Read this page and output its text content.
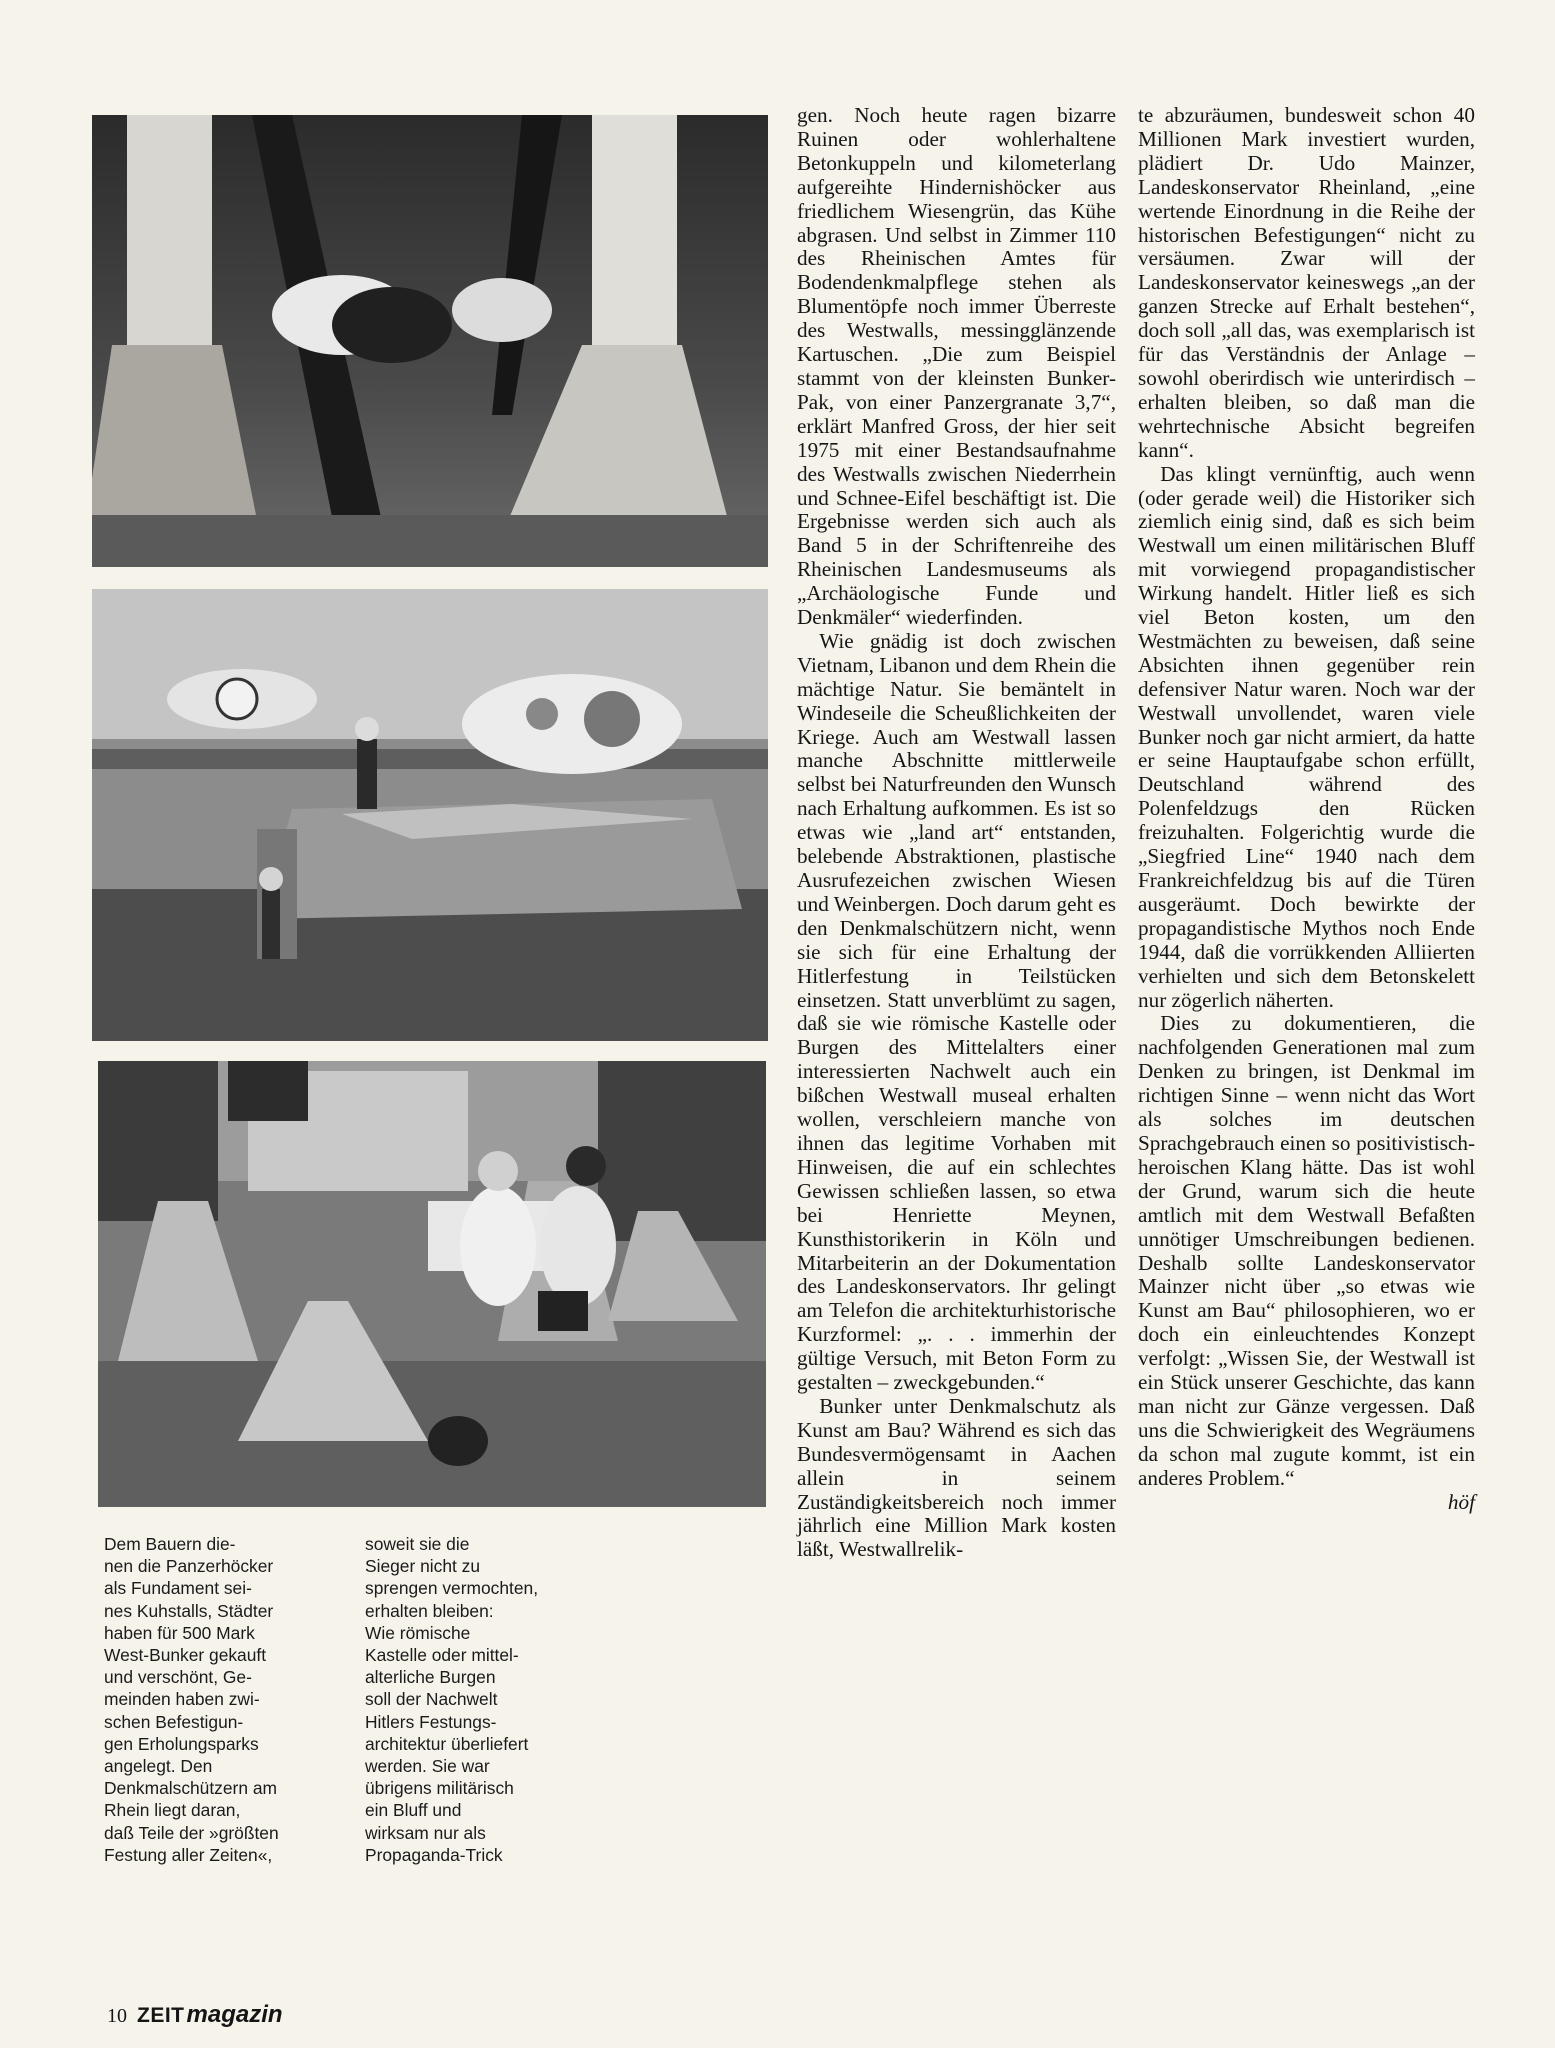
Dem Bauern die-
nen die Panzerhöcker
als Fundament sei-
nes Kuhstalls, Städter
haben für 500 Mark
West-Bunker gekauft
und verschönt, Ge-
meinden haben zwi-
schen Befestigun-
gen Erholungsparks
angelegt. Den
Denkmalschützern am
Rhein liegt daran,
daß Teile der »größten
Festung aller Zeiten«,
soweit sie die
Sieger nicht zu
sprengen vermochten,
erhalten bleiben:
Wie römische
Kastelle oder mittel-
alterliche Burgen
soll der Nachwelt
Hitlers Festungs-
architektur überliefert
werden. Sie war
übrigens militärisch
ein Bluff und
wirksam nur als
Propaganda-Trick

gen. Noch heute ragen bizarre Ruinen oder wohlerhaltene Betonkuppeln und kilometerlang aufgereihte Hindernishöcker aus friedlichem Wiesengrün, das Kühe abgrasen. Und selbst in Zimmer 110 des Rheinischen Amtes für Bodendenkmalpflege stehen als Blumentöpfe noch immer Überreste des Westwalls, messingglänzende Kartuschen. „Die zum Beispiel stammt von der kleinsten Bunker-Pak, von einer Panzergranate 3,7“, erklärt Manfred Gross, der hier seit 1975 mit einer Bestandsaufnahme des Westwalls zwischen Niederrhein und Schnee-Eifel beschäftigt ist. Die Ergebnisse werden sich auch als Band 5 in der Schriftenreihe des Rheinischen Landesmuseums als „Archäologische Funde und Denkmäler“ wiederfinden.

Wie gnädig ist doch zwischen Vietnam, Libanon und dem Rhein die mächtige Natur. Sie bemäntelt in Windeseile die Scheußlichkeiten der Kriege. Auch am Westwall lassen manche Abschnitte mittlerweile selbst bei Naturfreunden den Wunsch nach Erhaltung aufkommen. Es ist so etwas wie „land art“ entstanden, belebende Abstraktionen, plastische Ausrufezeichen zwischen Wiesen und Weinbergen. Doch darum geht es den Denkmalschützern nicht, wenn sie sich für eine Erhaltung der Hitlerfestung in Teilstücken einsetzen. Statt unverblümt zu sagen, daß sie wie römische Kastelle oder Burgen des Mittelalters einer interessierten Nachwelt auch ein bißchen Westwall museal erhalten wollen, verschleiern manche von ihnen das legitime Vorhaben mit Hinweisen, die auf ein schlechtes Gewissen schließen lassen, so etwa bei Henriette Meynen, Kunsthistorikerin in Köln und Mitarbeiterin an der Dokumentation des Landeskonservators. Ihr gelingt am Telefon die architekturhistorische Kurzformel: „. . . immerhin der gültige Versuch, mit Beton Form zu gestalten – zweckgebunden.“

Bunker unter Denkmalschutz als Kunst am Bau? Während es sich das Bundesvermögensamt in Aachen allein in seinem Zuständigkeitsbereich noch immer jährlich eine Million Mark kosten läßt, Westwallrelik-

te abzuräumen, bundesweit schon 40 Millionen Mark investiert wurden, plädiert Dr. Udo Mainzer, Landeskonservator Rheinland, „eine wertende Einordnung in die Reihe der historischen Befestigungen“ nicht zu versäumen. Zwar will der Landeskonservator keineswegs „an der ganzen Strecke auf Erhalt bestehen“, doch soll „all das, was exemplarisch ist für das Verständnis der Anlage – sowohl oberirdisch wie unterirdisch – erhalten bleiben, so daß man die wehrtechnische Absicht begreifen kann“.

Das klingt vernünftig, auch wenn (oder gerade weil) die Historiker sich ziemlich einig sind, daß es sich beim Westwall um einen militärischen Bluff mit vorwiegend propagandistischer Wirkung handelt. Hitler ließ es sich viel Beton kosten, um den Westmächten zu beweisen, daß seine Absichten ihnen gegenüber rein defensiver Natur waren. Noch war der Westwall unvollendet, waren viele Bunker noch gar nicht armiert, da hatte er seine Hauptaufgabe schon erfüllt, Deutschland während des Polenfeldzugs den Rücken freizuhalten. Folgerichtig wurde die „Siegfried Line“ 1940 nach dem Frankreichfeldzug bis auf die Türen ausgeräumt. Doch bewirkte der propagandistische Mythos noch Ende 1944, daß die vorrükkenden Alliierten verhielten und sich dem Betonskelett nur zögerlich näherten.

Dies zu dokumentieren, die nachfolgenden Generationen mal zum Denken zu bringen, ist Denkmal im richtigen Sinne – wenn nicht das Wort als solches im deutschen Sprachgebrauch einen so positivistisch-heroischen Klang hätte. Das ist wohl der Grund, warum sich die heute amtlich mit dem Westwall Befaßten unnötiger Umschreibungen bedienen. Deshalb sollte Landeskonservator Mainzer nicht über „so etwas wie Kunst am Bau“ philosophieren, wo er doch ein einleuchtendes Konzept verfolgt: „Wissen Sie, der Westwall ist ein Stück unserer Geschichte, das kann man nicht zur Gänze vergessen. Daß uns die Schwierigkeit des Wegräumens da schon mal zugute kommt, ist ein anderes Problem.“

höf

10 ZEIT magazin
